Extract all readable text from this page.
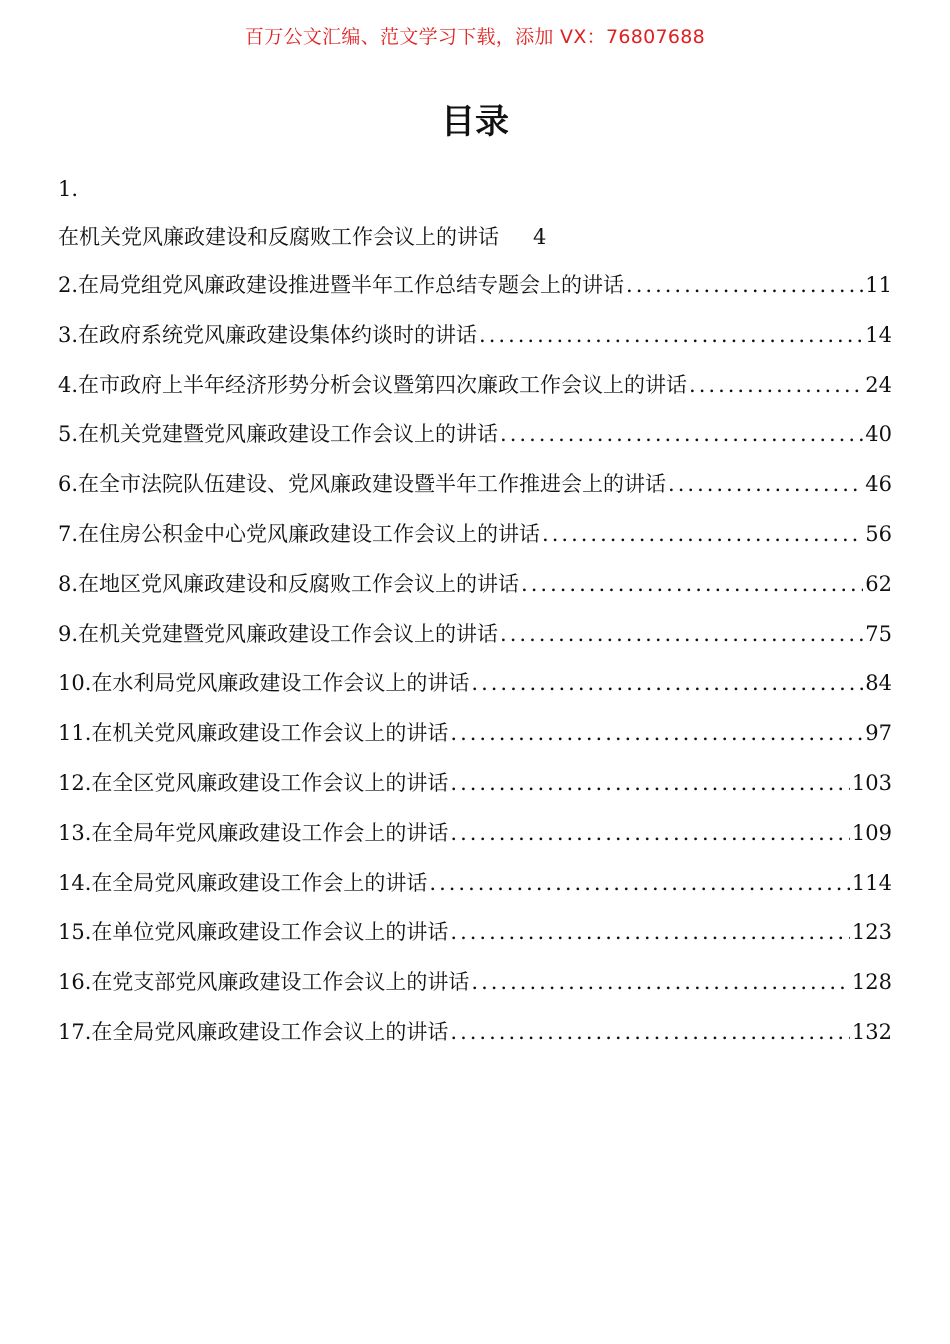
百万公文汇编、范文学习下载，添加 VX：76807688
目录
1.
在机关党风廉政建设和反腐败工作会议上的讲话 4
2.在局党组党风廉政建设推进暨半年工作总结专题会上的讲话 .....	11
3.在政府系统党风廉政建设集体约谈时的讲话 .....	14
4.在市政府上半年经济形势分析会议暨第四次廉政工作会议上的讲话 .....	24
5.在机关党建暨党风廉政建设工作会议上的讲话 .....	40
6.在全市法院队伍建设、党风廉政建设暨半年工作推进会上的讲话 .....	46
7.在住房公积金中心党风廉政建设工作会议上的讲话 .....	56
8.在地区党风廉政建设和反腐败工作会议上的讲话 .....	62
9.在机关党建暨党风廉政建设工作会议上的讲话 .....	75
10.在水利局党风廉政建设工作会议上的讲话 .....	84
11.在机关党风廉政建设工作会议上的讲话 .....	97
12.在全区党风廉政建设工作会议上的讲话 .....	103
13.在全局年党风廉政建设工作会上的讲话 .....	109
14.在全局党风廉政建设工作会上的讲话 .....	114
15.在单位党风廉政建设工作会议上的讲话 .....	123
16.在党支部党风廉政建设工作会议上的讲话 .....	128
17.在全局党风廉政建设工作会议上的讲话 .....	132
